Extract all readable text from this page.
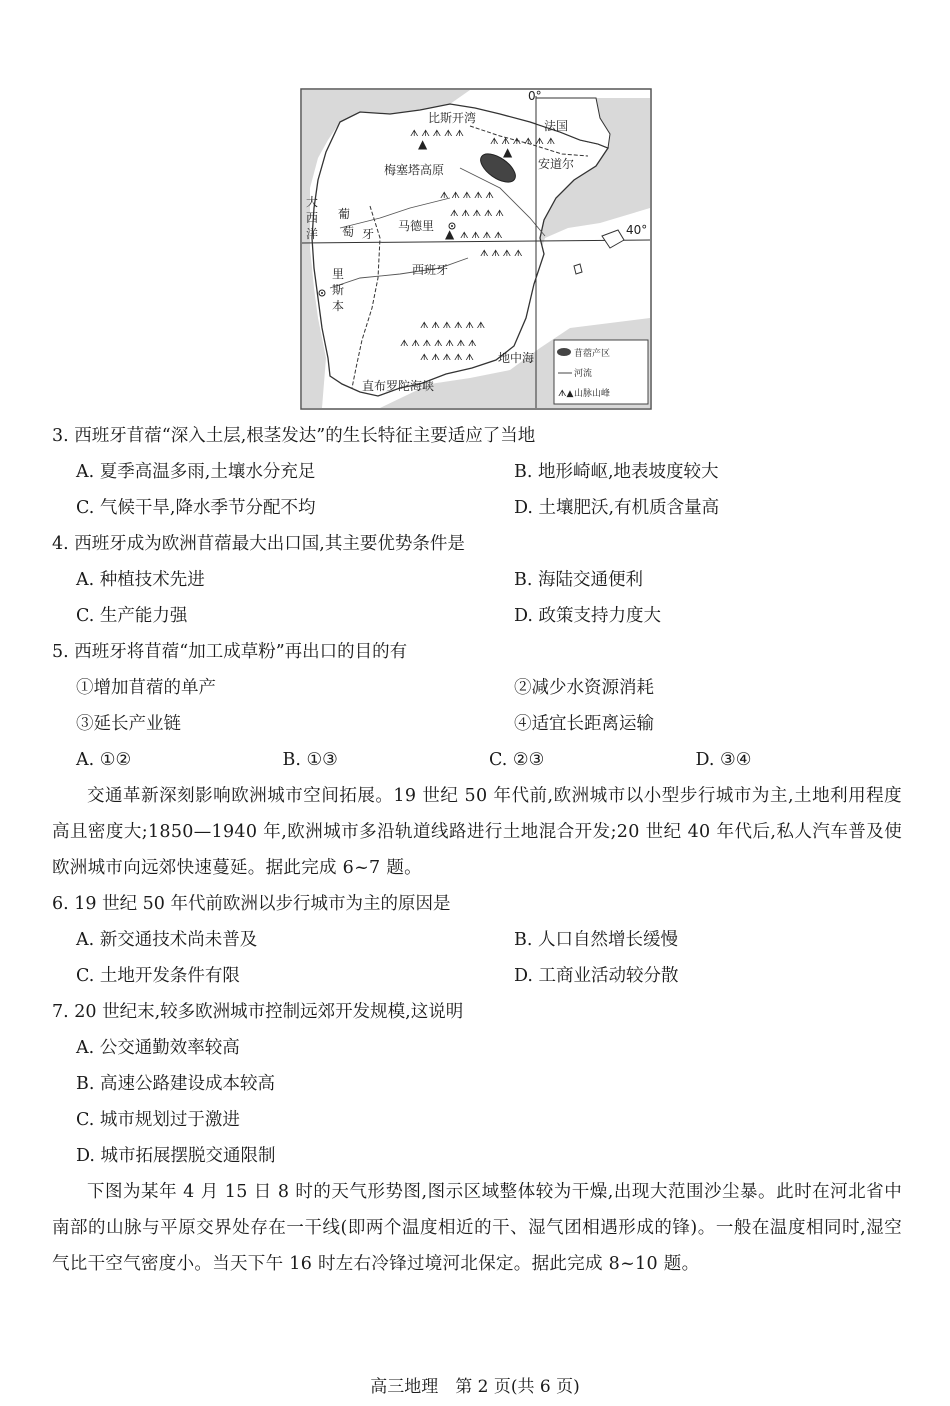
ᗑ ᗑ ᗑ ᗑ ᗑ
ᗑ ᗑ ᗑ ᗑ ᗑ ᗑ
ᗑ ᗑ ᗑ ᗑ ᗑ
ᗑ ᗑ ᗑ ᗑ ᗑ
ᗑ ᗑ ᗑ ᗑ
ᗑ ᗑ ᗑ ᗑ
ᗑ ᗑ ᗑ ᗑ ᗑ ᗑ
ᗑ ᗑ ᗑ ᗑ ᗑ ᗑ ᗑ
ᗑ ᗑ ᗑ ᗑ ᗑ
▲
▲
▲
0°
40°
比斯开湾
法国
安道尔
梅塞塔高原
大
西
洋
葡
萄 牙
马德里
西班牙
里
斯
本
地中海
直布罗陀海峡
苜蓿产区
河流
ᗑ▲ 山脉山峰
3. 西班牙苜蓿“深入土层,根茎发达”的生长特征主要适应了当地
A. 夏季高温多雨,土壤水分充足	B. 地形崎岖,地表坡度较大
C. 气候干旱,降水季节分配不均	D. 土壤肥沃,有机质含量高
4. 西班牙成为欧洲苜蓿最大出口国,其主要优势条件是
A. 种植技术先进	B. 海陆交通便利
C. 生产能力强	D. 政策支持力度大
5. 西班牙将苜蓿“加工成草粉”再出口的目的有
①增加苜蓿的单产	②减少水资源消耗
③延长产业链	④适宜长距离运输
A. ①②	B. ①③	C. ②③	D. ③④
交通革新深刻影响欧洲城市空间拓展。19 世纪 50 年代前,欧洲城市以小型步行城市为主,土地利用程度高且密度大;1850—1940 年,欧洲城市多沿轨道线路进行土地混合开发;20 世纪 40 年代后,私人汽车普及使欧洲城市向远郊快速蔓延。据此完成 6~7 题。
6. 19 世纪 50 年代前欧洲以步行城市为主的原因是
A. 新交通技术尚未普及	B. 人口自然增长缓慢
C. 土地开发条件有限	D. 工商业活动较分散
7. 20 世纪末,较多欧洲城市控制远郊开发规模,这说明
A. 公交通勤效率较高
B. 高速公路建设成本较高
C. 城市规划过于激进
D. 城市拓展摆脱交通限制
下图为某年 4 月 15 日 8 时的天气形势图,图示区域整体较为干燥,出现大范围沙尘暴。此时在河北省中南部的山脉与平原交界处存在一干线(即两个温度相近的干、湿气团相遇形成的锋)。一般在温度相同时,湿空气比干空气密度小。当天下午 16 时左右冷锋过境河北保定。据此完成 8~10 题。
高三地理　第 2 页(共 6 页)
